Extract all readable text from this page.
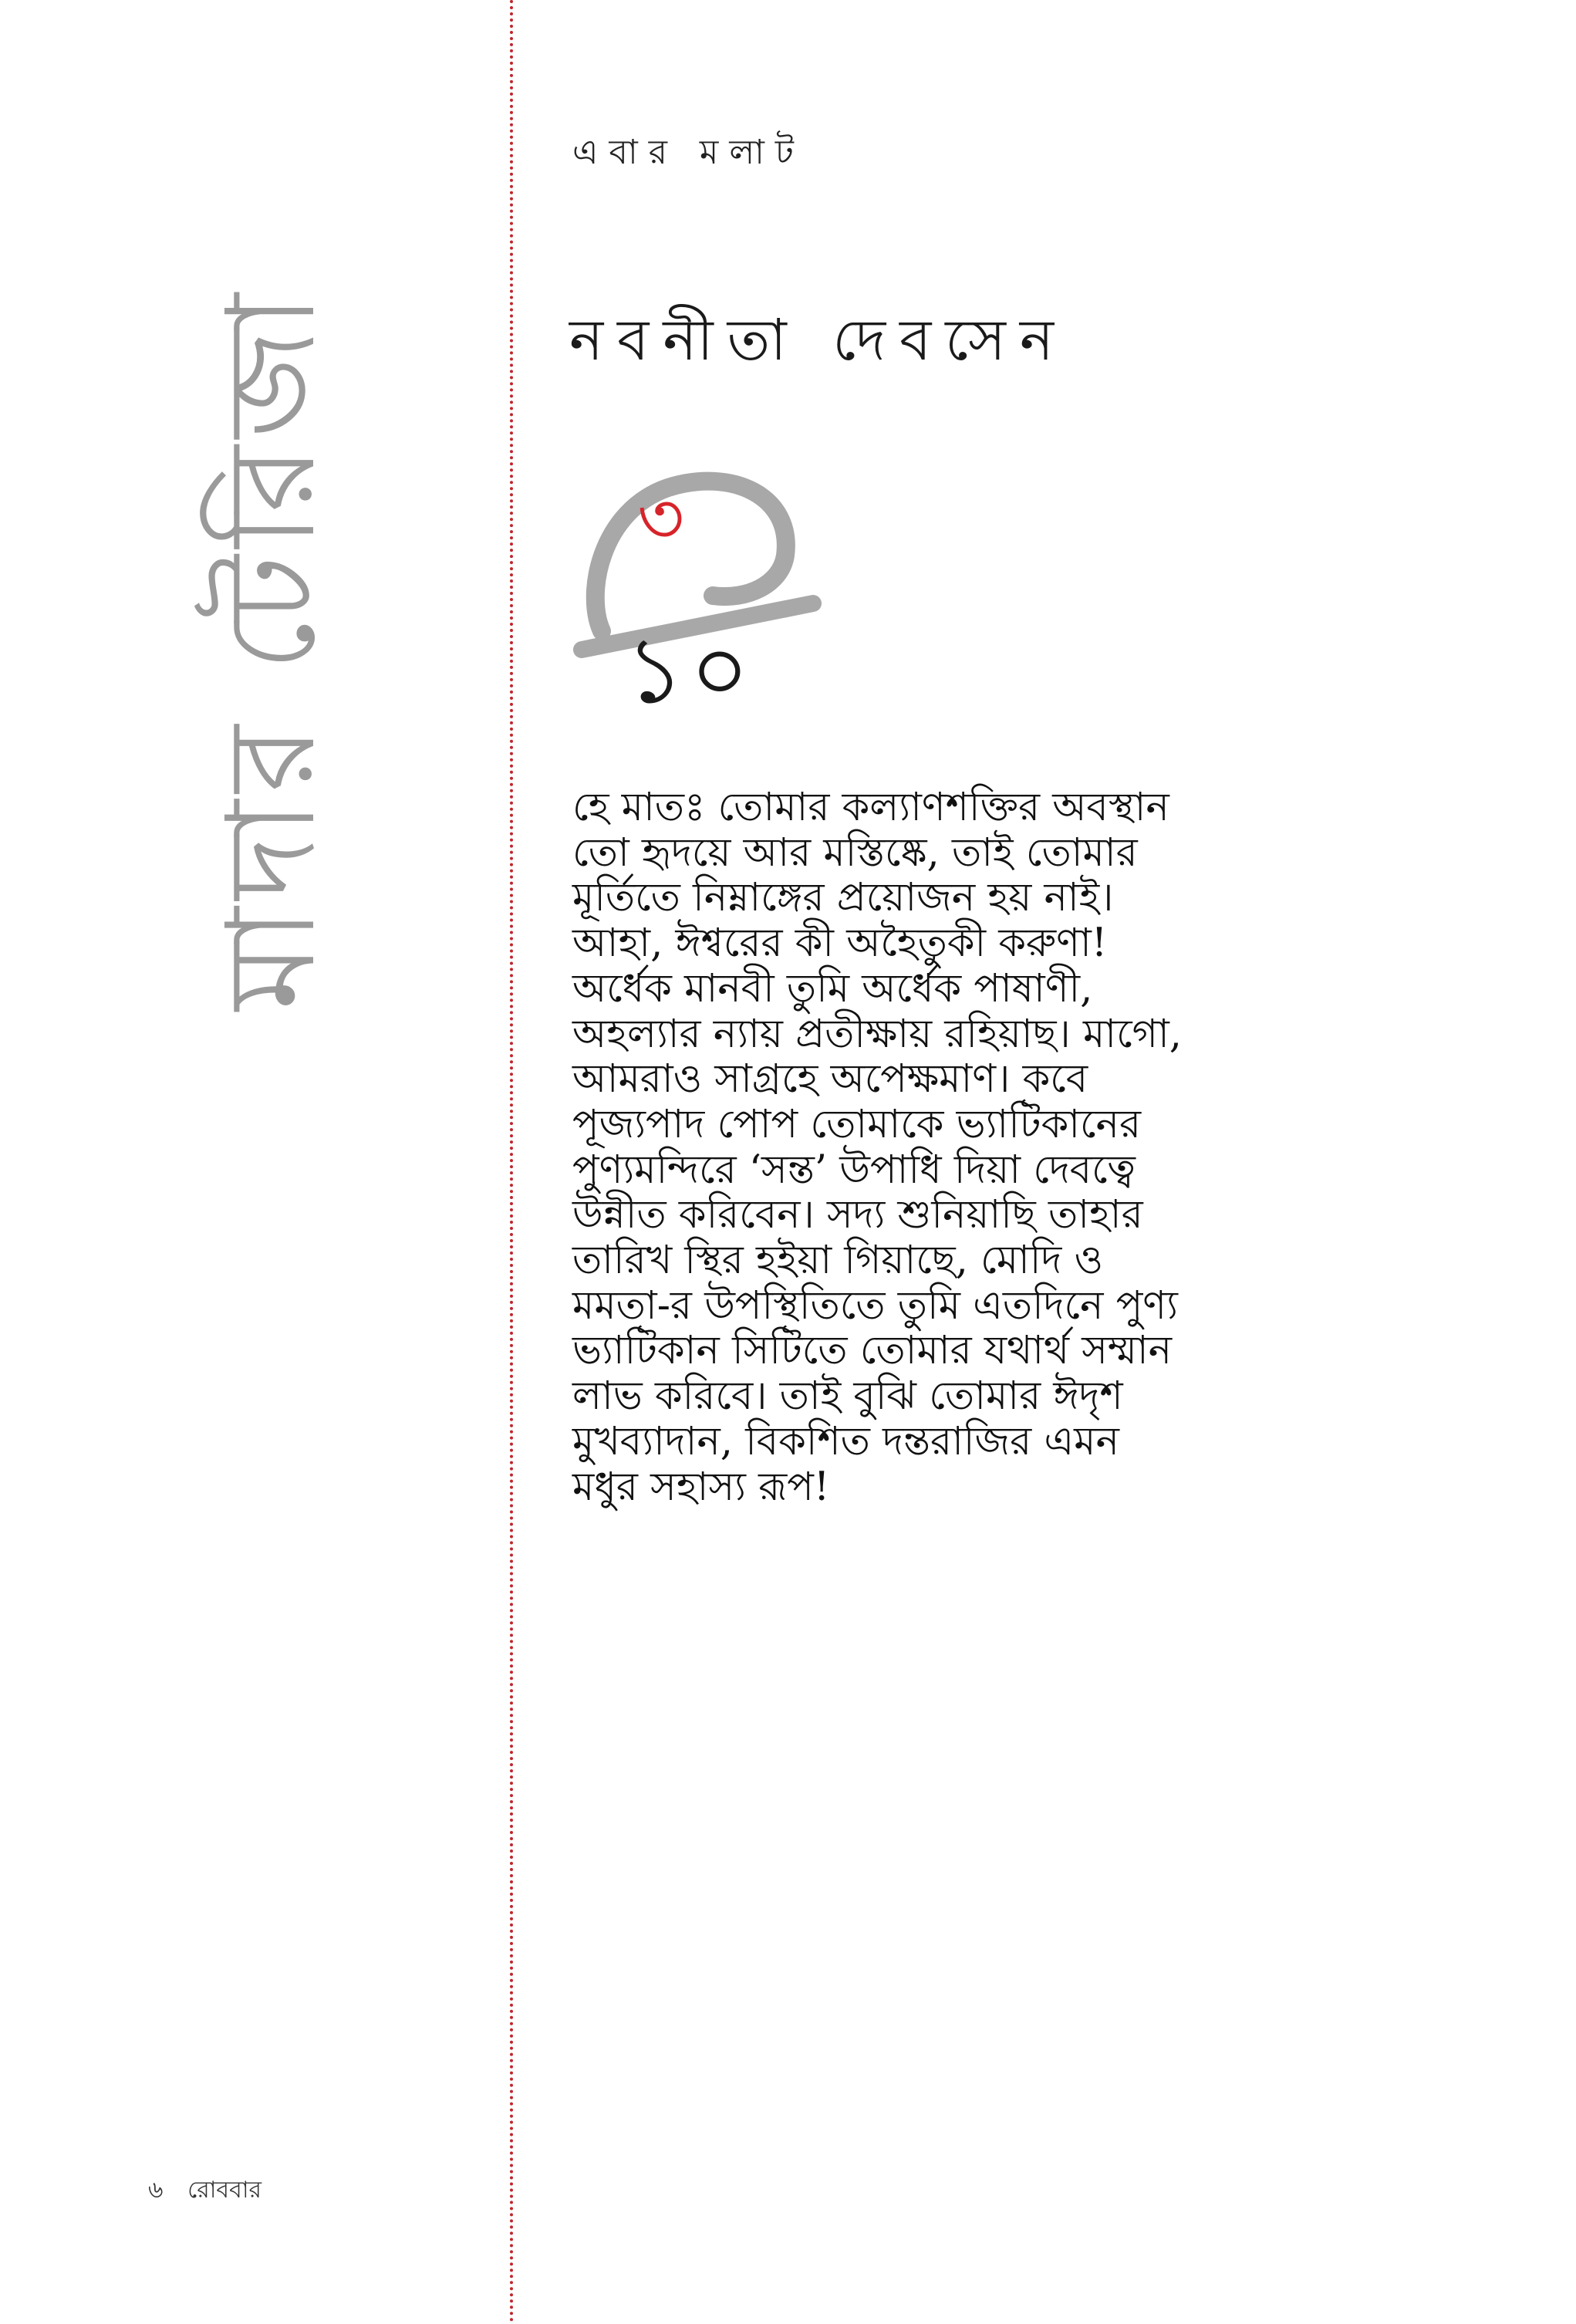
মাদার টেরিজা
এবার মলাট
নবনীতা দেবসেন
৩
১০
হে মাতঃ তোমার কল্যাণশক্তির অবস্থান
তো হৃদয়ে আর মস্তিষ্কে, তাই তোমার
মূর্তিতে নিম্নাঙ্গের প্রয়োজন হয় নাই।
আহা, ঈশ্বরের কী অহৈতুকী করুণা!
অর্ধেক মানবী তুমি অর্ধেক পাষাণী,
অহল্যার ন্যায় প্রতীক্ষায় রহিয়াছ। মাগো,
আমরাও সাগ্রহে অপেক্ষমাণ। কবে
পূজ্যপাদ পোপ তোমাকে ভ্যাটিকানের
পুণ্যমন্দিরে ‘সন্ত’ উপাধি দিয়া দেবত্বে
উন্নীত করিবেন। সদ্য শুনিয়াছি তাহার
তারিখ স্থির হইয়া গিয়াছে, মোদি ও
মমতা-র উপস্থিতিতে তুমি এতদিনে পুণ্য
ভ্যাটিকান সিটিতে তোমার যথার্থ সম্মান
লাভ করিবে। তাই বুঝি তোমার ঈদৃশ
মুখব্যাদান, বিকশিত দন্তরাজির এমন
মধুর সহাস্য রূপ!
৬ রোববার
